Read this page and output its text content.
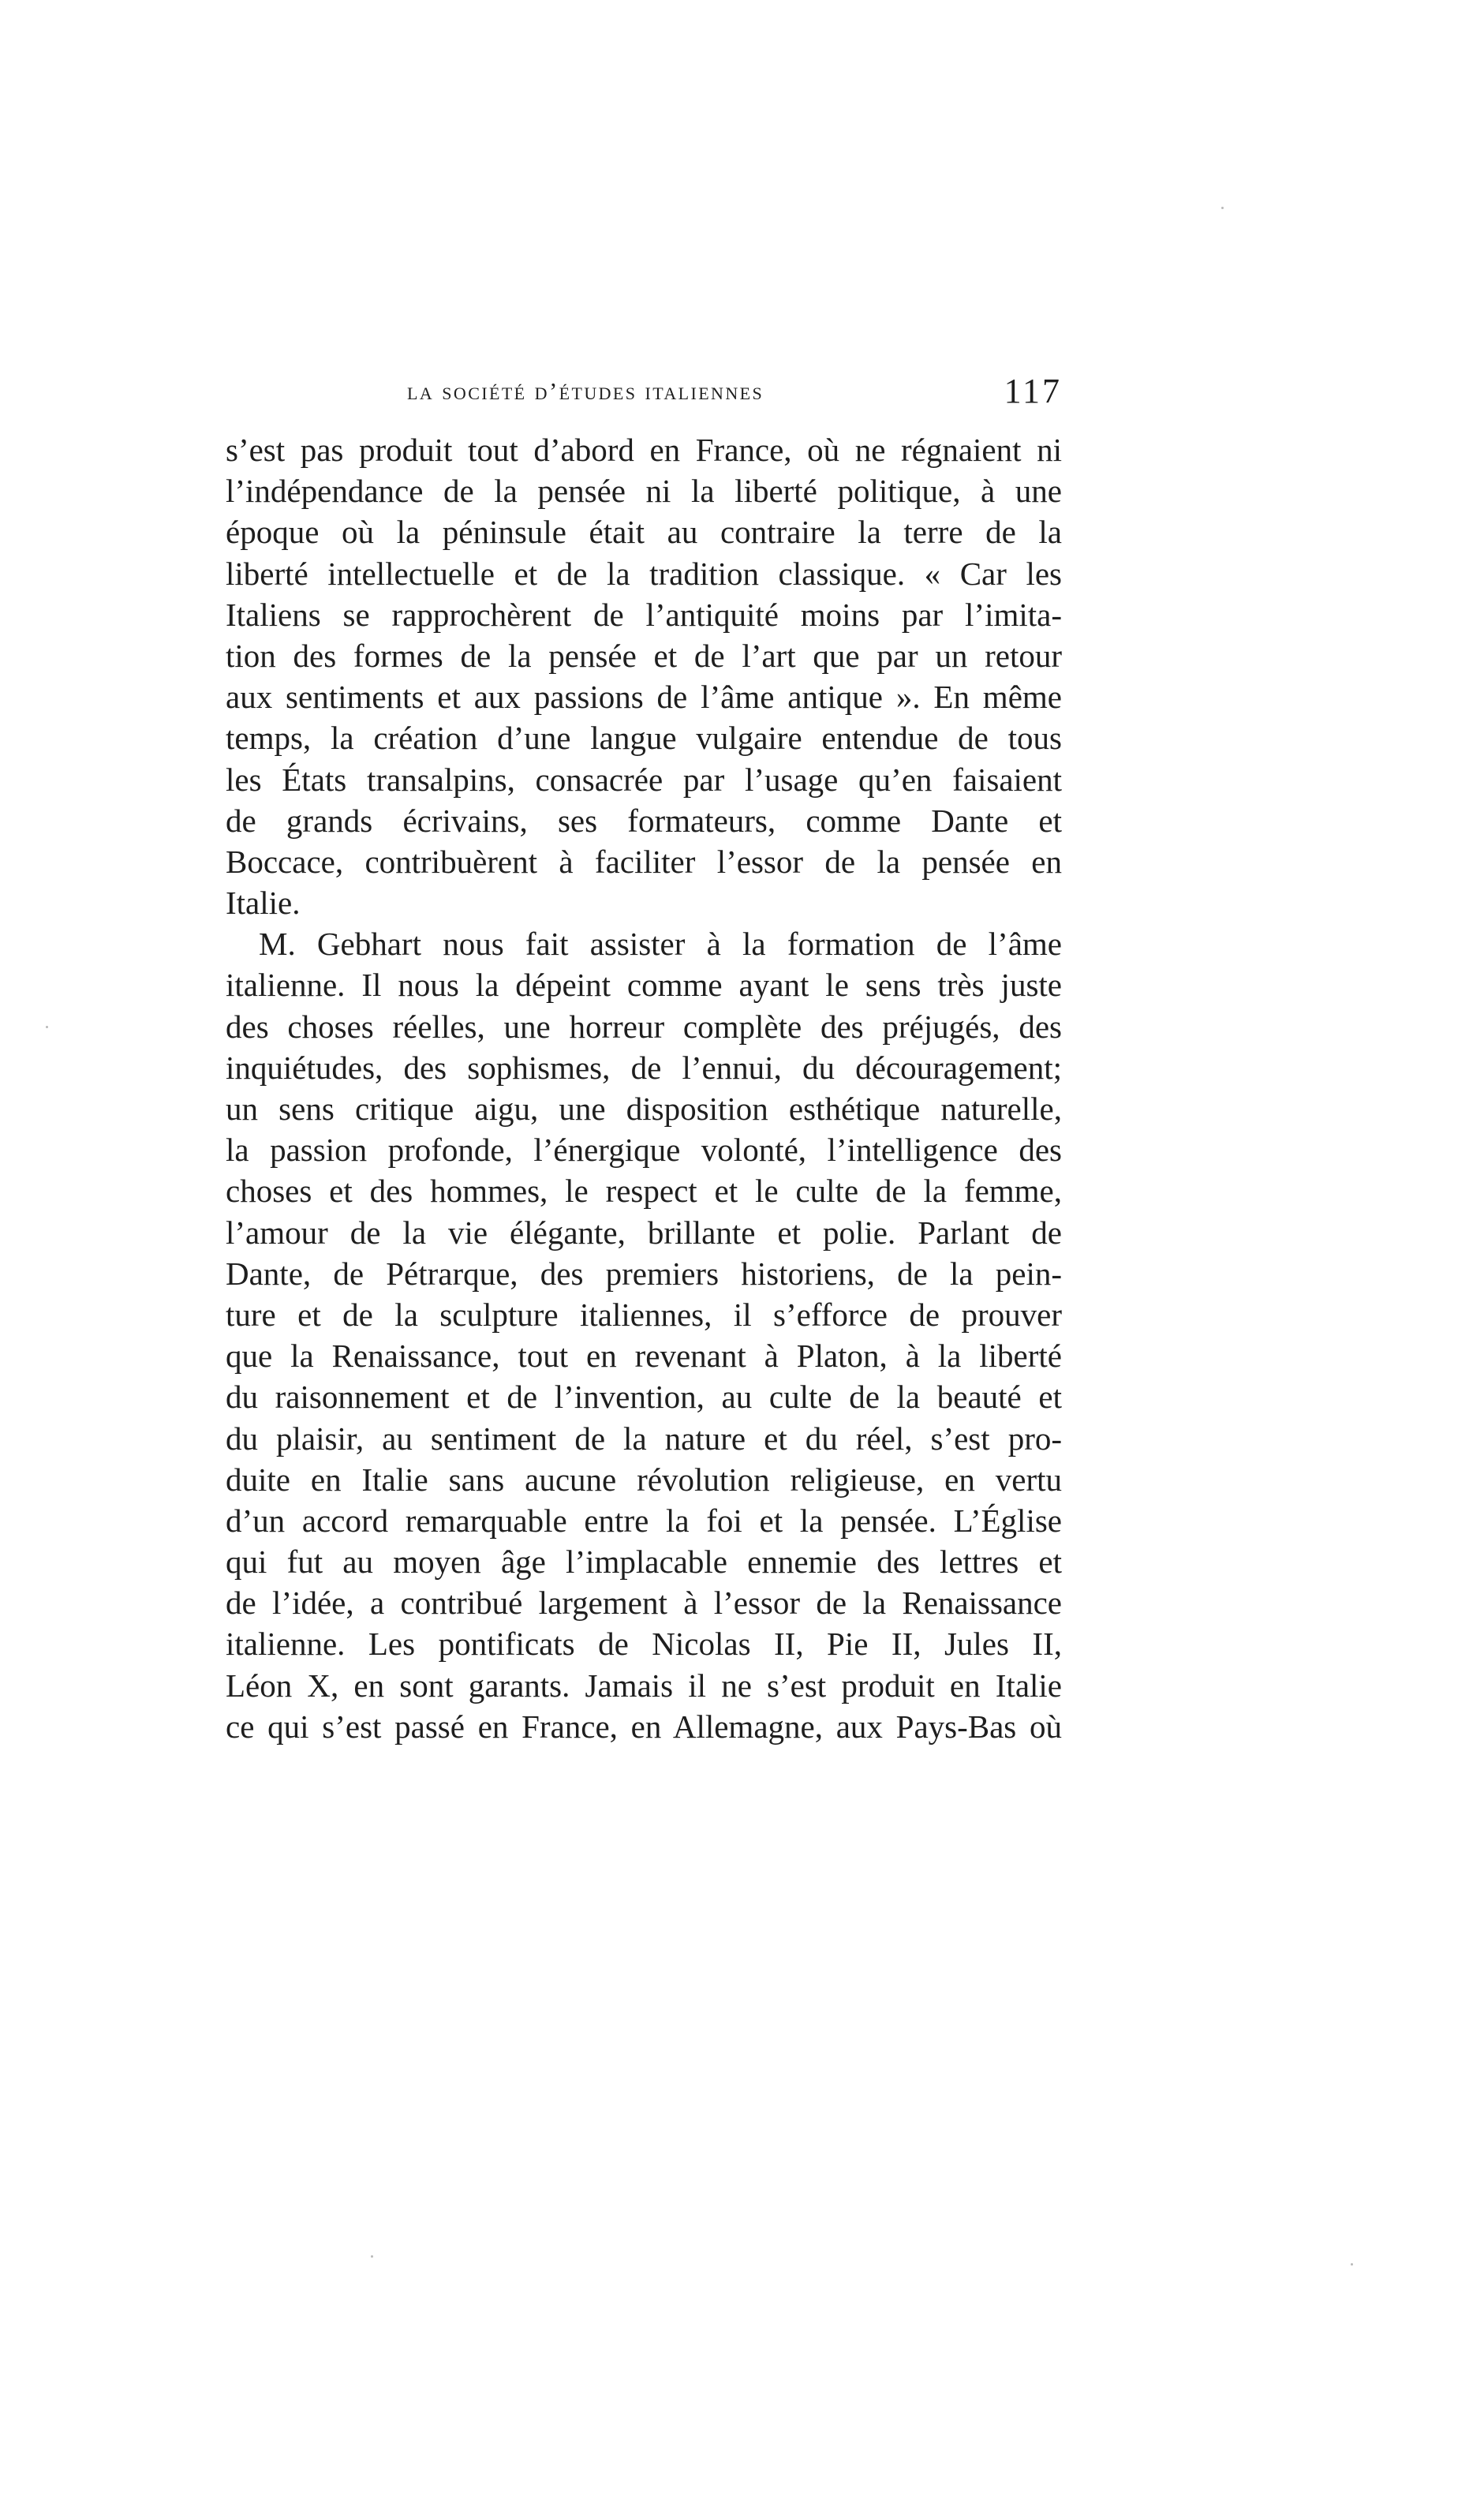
la société d’études italiennes	117
s’est pas produit tout d’abord en France, où ne régnaient ni
l’indépendance de la pensée ni la liberté politique, à une
époque où la péninsule était au contraire la terre de la
liberté intellectuelle et de la tradition classique. « Car les
Italiens se rapprochèrent de l’antiquité moins par l’imita-
tion des formes de la pensée et de l’art que par un retour
aux sentiments et aux passions de l’âme antique ». En même
temps, la création d’une langue vulgaire entendue de tous
les États transalpins, consacrée par l’usage qu’en faisaient
de grands écrivains, ses formateurs, comme Dante et
Boccace, contribuèrent à faciliter l’essor de la pensée en
Italie.
M. Gebhart nous fait assister à la formation de l’âme
italienne. Il nous la dépeint comme ayant le sens très juste
des choses réelles, une horreur complète des préjugés, des
inquiétudes, des sophismes, de l’ennui, du découragement;
un sens critique aigu, une disposition esthétique naturelle,
la passion profonde, l’énergique volonté, l’intelligence des
choses et des hommes, le respect et le culte de la femme,
l’amour de la vie élégante, brillante et polie. Parlant de
Dante, de Pétrarque, des premiers historiens, de la pein-
ture et de la sculpture italiennes, il s’efforce de prouver
que la Renaissance, tout en revenant à Platon, à la liberté
du raisonnement et de l’invention, au culte de la beauté et
du plaisir, au sentiment de la nature et du réel, s’est pro-
duite en Italie sans aucune révolution religieuse, en vertu
d’un accord remarquable entre la foi et la pensée. L’Église
qui fut au moyen âge l’implacable ennemie des lettres et
de l’idée, a contribué largement à l’essor de la Renaissance
italienne. Les pontificats de Nicolas II, Pie II, Jules II,
Léon X, en sont garants. Jamais il ne s’est produit en Italie
ce qui s’est passé en France, en Allemagne, aux Pays-Bas où
